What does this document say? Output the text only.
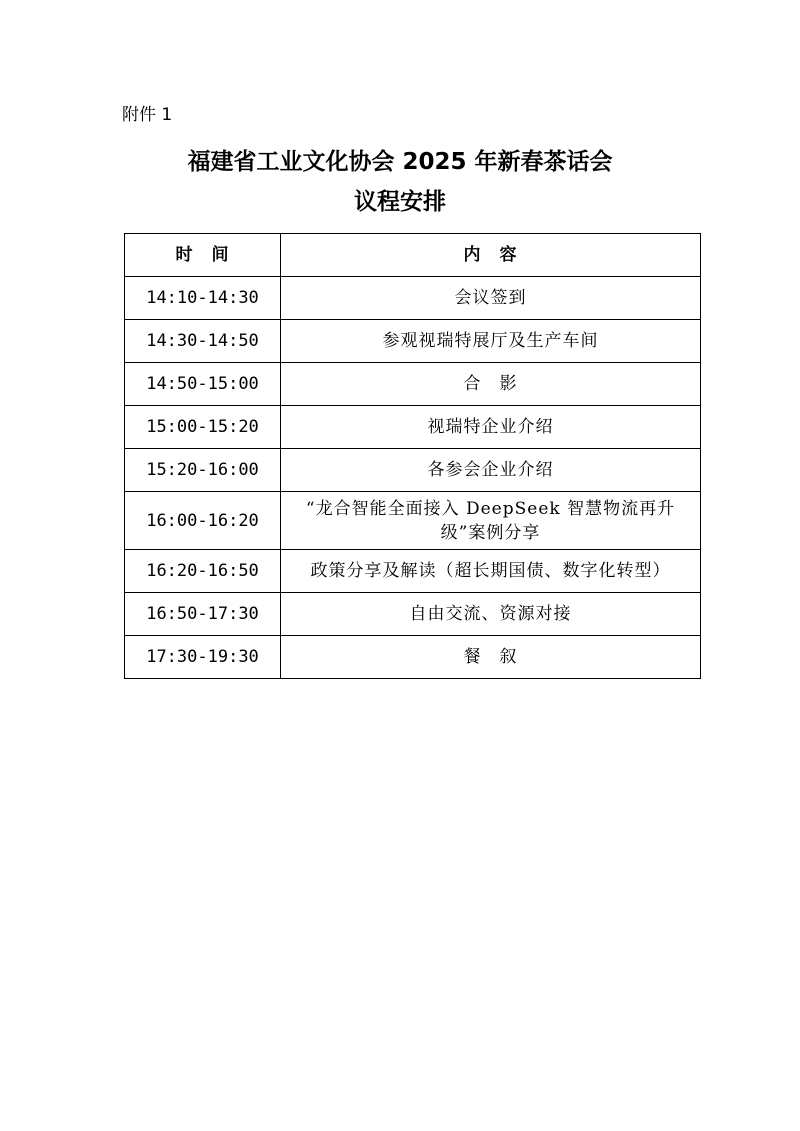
附件 1

福建省工业文化协会 2025 年新春茶话会
议程安排
时　间	内　容
14:10-14:30	会议签到
14:30-14:50	参观视瑞特展厅及生产车间
14:50-15:00	合　影
15:00-15:20	视瑞特企业介绍
15:20-16:00	各参会企业介绍
16:00-16:20	“龙合智能全面接入 DeepSeek 智慧物流再升级”案例分享
16:20-16:50	政策分享及解读（超长期国债、数字化转型）
16:50-17:30	自由交流、资源对接
17:30-19:30	餐　叙
